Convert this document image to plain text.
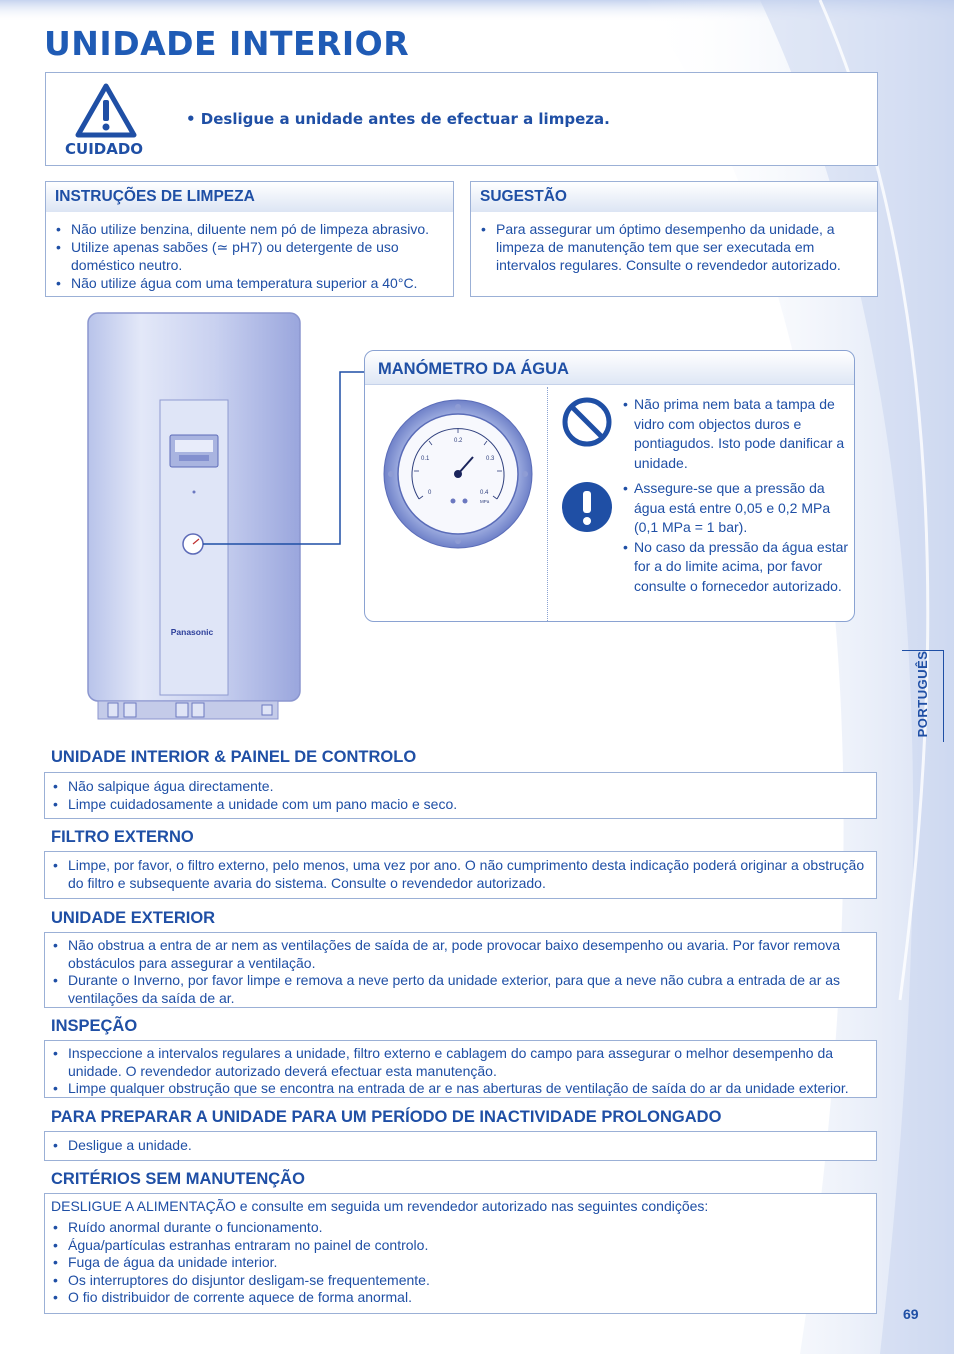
UNIDADE INTERIOR
CUIDADO
• Desligue a unidade antes de efectuar a limpeza.
INSTRUÇÕES DE LIMPEZA
• Não utilize benzina, diluente nem pó de limpeza abrasivo.
• Utilize apenas sabões (≃ pH7) ou detergente de uso doméstico neutro.
• Não utilize água com uma temperatura superior a 40°C.
SUGESTÃO
• Para assegurar um óptimo desempenho da unidade, a limpeza de manutenção tem que ser executada em intervalos regulares. Consulte o revendedor autorizado.
Panasonic
MANÓMETRO DA ÁGUA
0
0.1
0.2
0.3
0.4
MPa
• Não prima nem bata a tampa de vidro com objectos duros e pontiagudos. Isto pode danificar a unidade.
• Assegure-se que a pressão da água está entre 0,05 e 0,2 MPa (0,1 MPa = 1 bar).
• No caso da pressão da água estar for a do limite acima, por favor consulte o fornecedor autorizado.
PORTUGUÊS
UNIDADE INTERIOR & PAINEL DE CONTROLO
• Não salpique água directamente.
• Limpe cuidadosamente a unidade com um pano macio e seco.
FILTRO EXTERNO
• Limpe, por favor, o filtro externo, pelo menos, uma vez por ano. O não cumprimento desta indicação poderá originar a obstrução do filtro e subsequente avaria do sistema. Consulte o revendedor autorizado.
UNIDADE EXTERIOR
• Não obstrua a entra de ar nem as ventilações de saída de ar, pode provocar baixo desempenho ou avaria. Por favor remova obstáculos para assegurar a ventilação.
• Durante o Inverno, por favor limpe e remova a neve perto da unidade exterior, para que a neve não cubra a entrada de ar as ventilações da saída de ar.
INSPEÇÃO
• Inspeccione a intervalos regulares a unidade, filtro externo e cablagem do campo para assegurar o melhor desempenho da unidade. O revendedor autorizado deverá efectuar esta manutenção.
• Limpe qualquer obstrução que se encontra na entrada de ar e nas aberturas de ventilação de saída do ar da unidade exterior.
PARA PREPARAR A UNIDADE PARA UM PERÍODO DE INACTIVIDADE PROLONGADO
• Desligue a unidade.
CRITÉRIOS SEM MANUTENÇÃO
DESLIGUE A ALIMENTAÇÃO e consulte em seguida um revendedor autorizado nas seguintes condições:
• Ruído anormal durante o funcionamento.
• Água/partículas estranhas entraram no painel de controlo.
• Fuga de água da unidade interior.
• Os interruptores do disjuntor desligam-se frequentemente.
• O fio distribuidor de corrente aquece de forma anormal.
69
